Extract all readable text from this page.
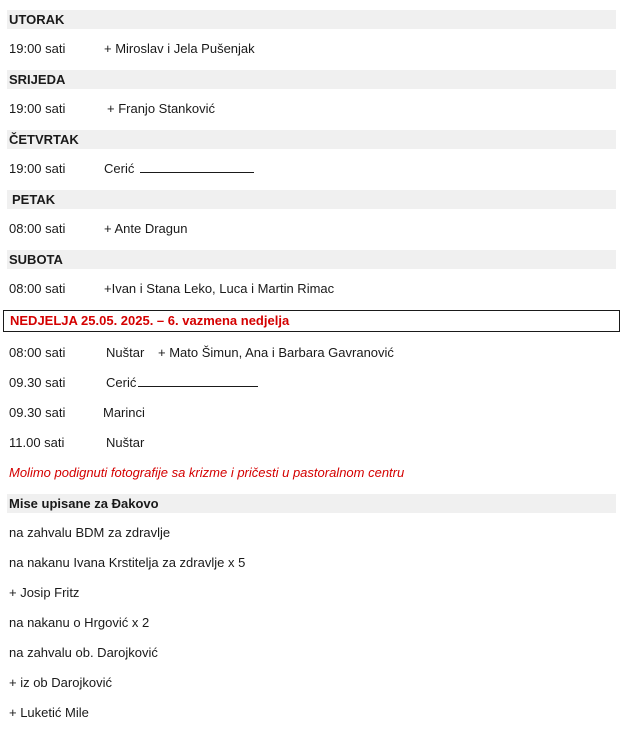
UTORAK
19:00 sati	+ Miroslav i Jela Pušenjak
SRIJEDA
19:00 sati	+ Franjo Stanković
ČETVRTAK
19:00 sati	Cerić
PETAK
08:00 sati	+ Ante Dragun
SUBOTA
08:00 sati	+Ivan i Stana Leko, Luca i Martin Rimac
NEDJELJA 25.05. 2025. – 6. vazmena nedjelja
08:00 sati	Nuštar + Mato Šimun, Ana i Barbara Gavranović
09.30 sati	Cerić
09.30 sati	Marinci
11.00 sati	Nuštar
Molimo podignuti fotografije sa krizme i pričesti u pastoralnom centru
Mise upisane za Đakovo
na zahvalu BDM za zdravlje
na nakanu Ivana Krstitelja za zdravlje x 5
+ Josip Fritz
na nakanu o Hrgović x 2
na zahvalu ob. Darojković
+ iz ob Darojković
+ Luketić Mile
